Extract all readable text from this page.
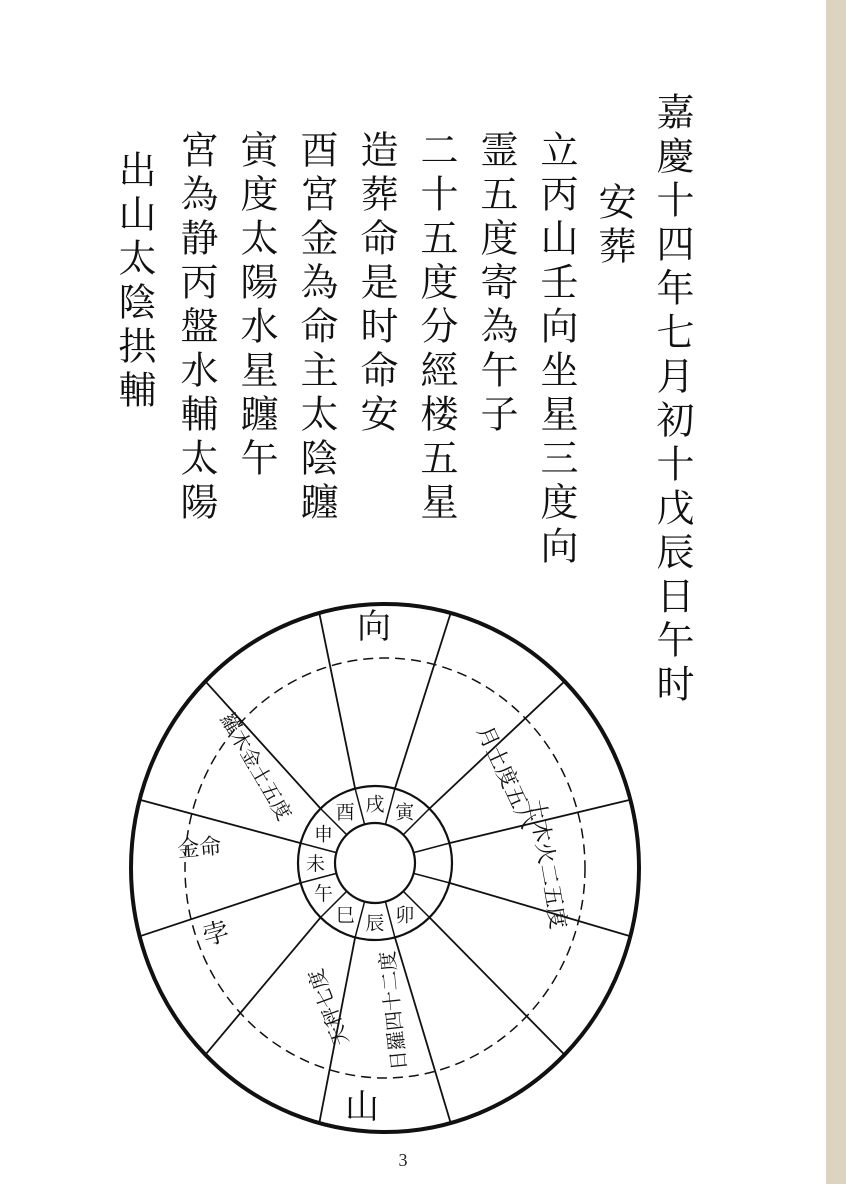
嘉慶十四年七月初十戊辰日午时
安葬
立丙山壬向坐星三度向
霊五度寄為午子
二十五度分經楼五星
造葬命是时命安
酉宮金為命主太陰躔
寅度太陽水星躔午
宮為静丙盤水輔太陽
出山太陰拱輔
寅
戌
酉
申
未
午
巳 辰 卯
向
山
月土度五八
土木火二五度
日羅四十二度
天秤七度
孛
金命
羅木金土五度
3
